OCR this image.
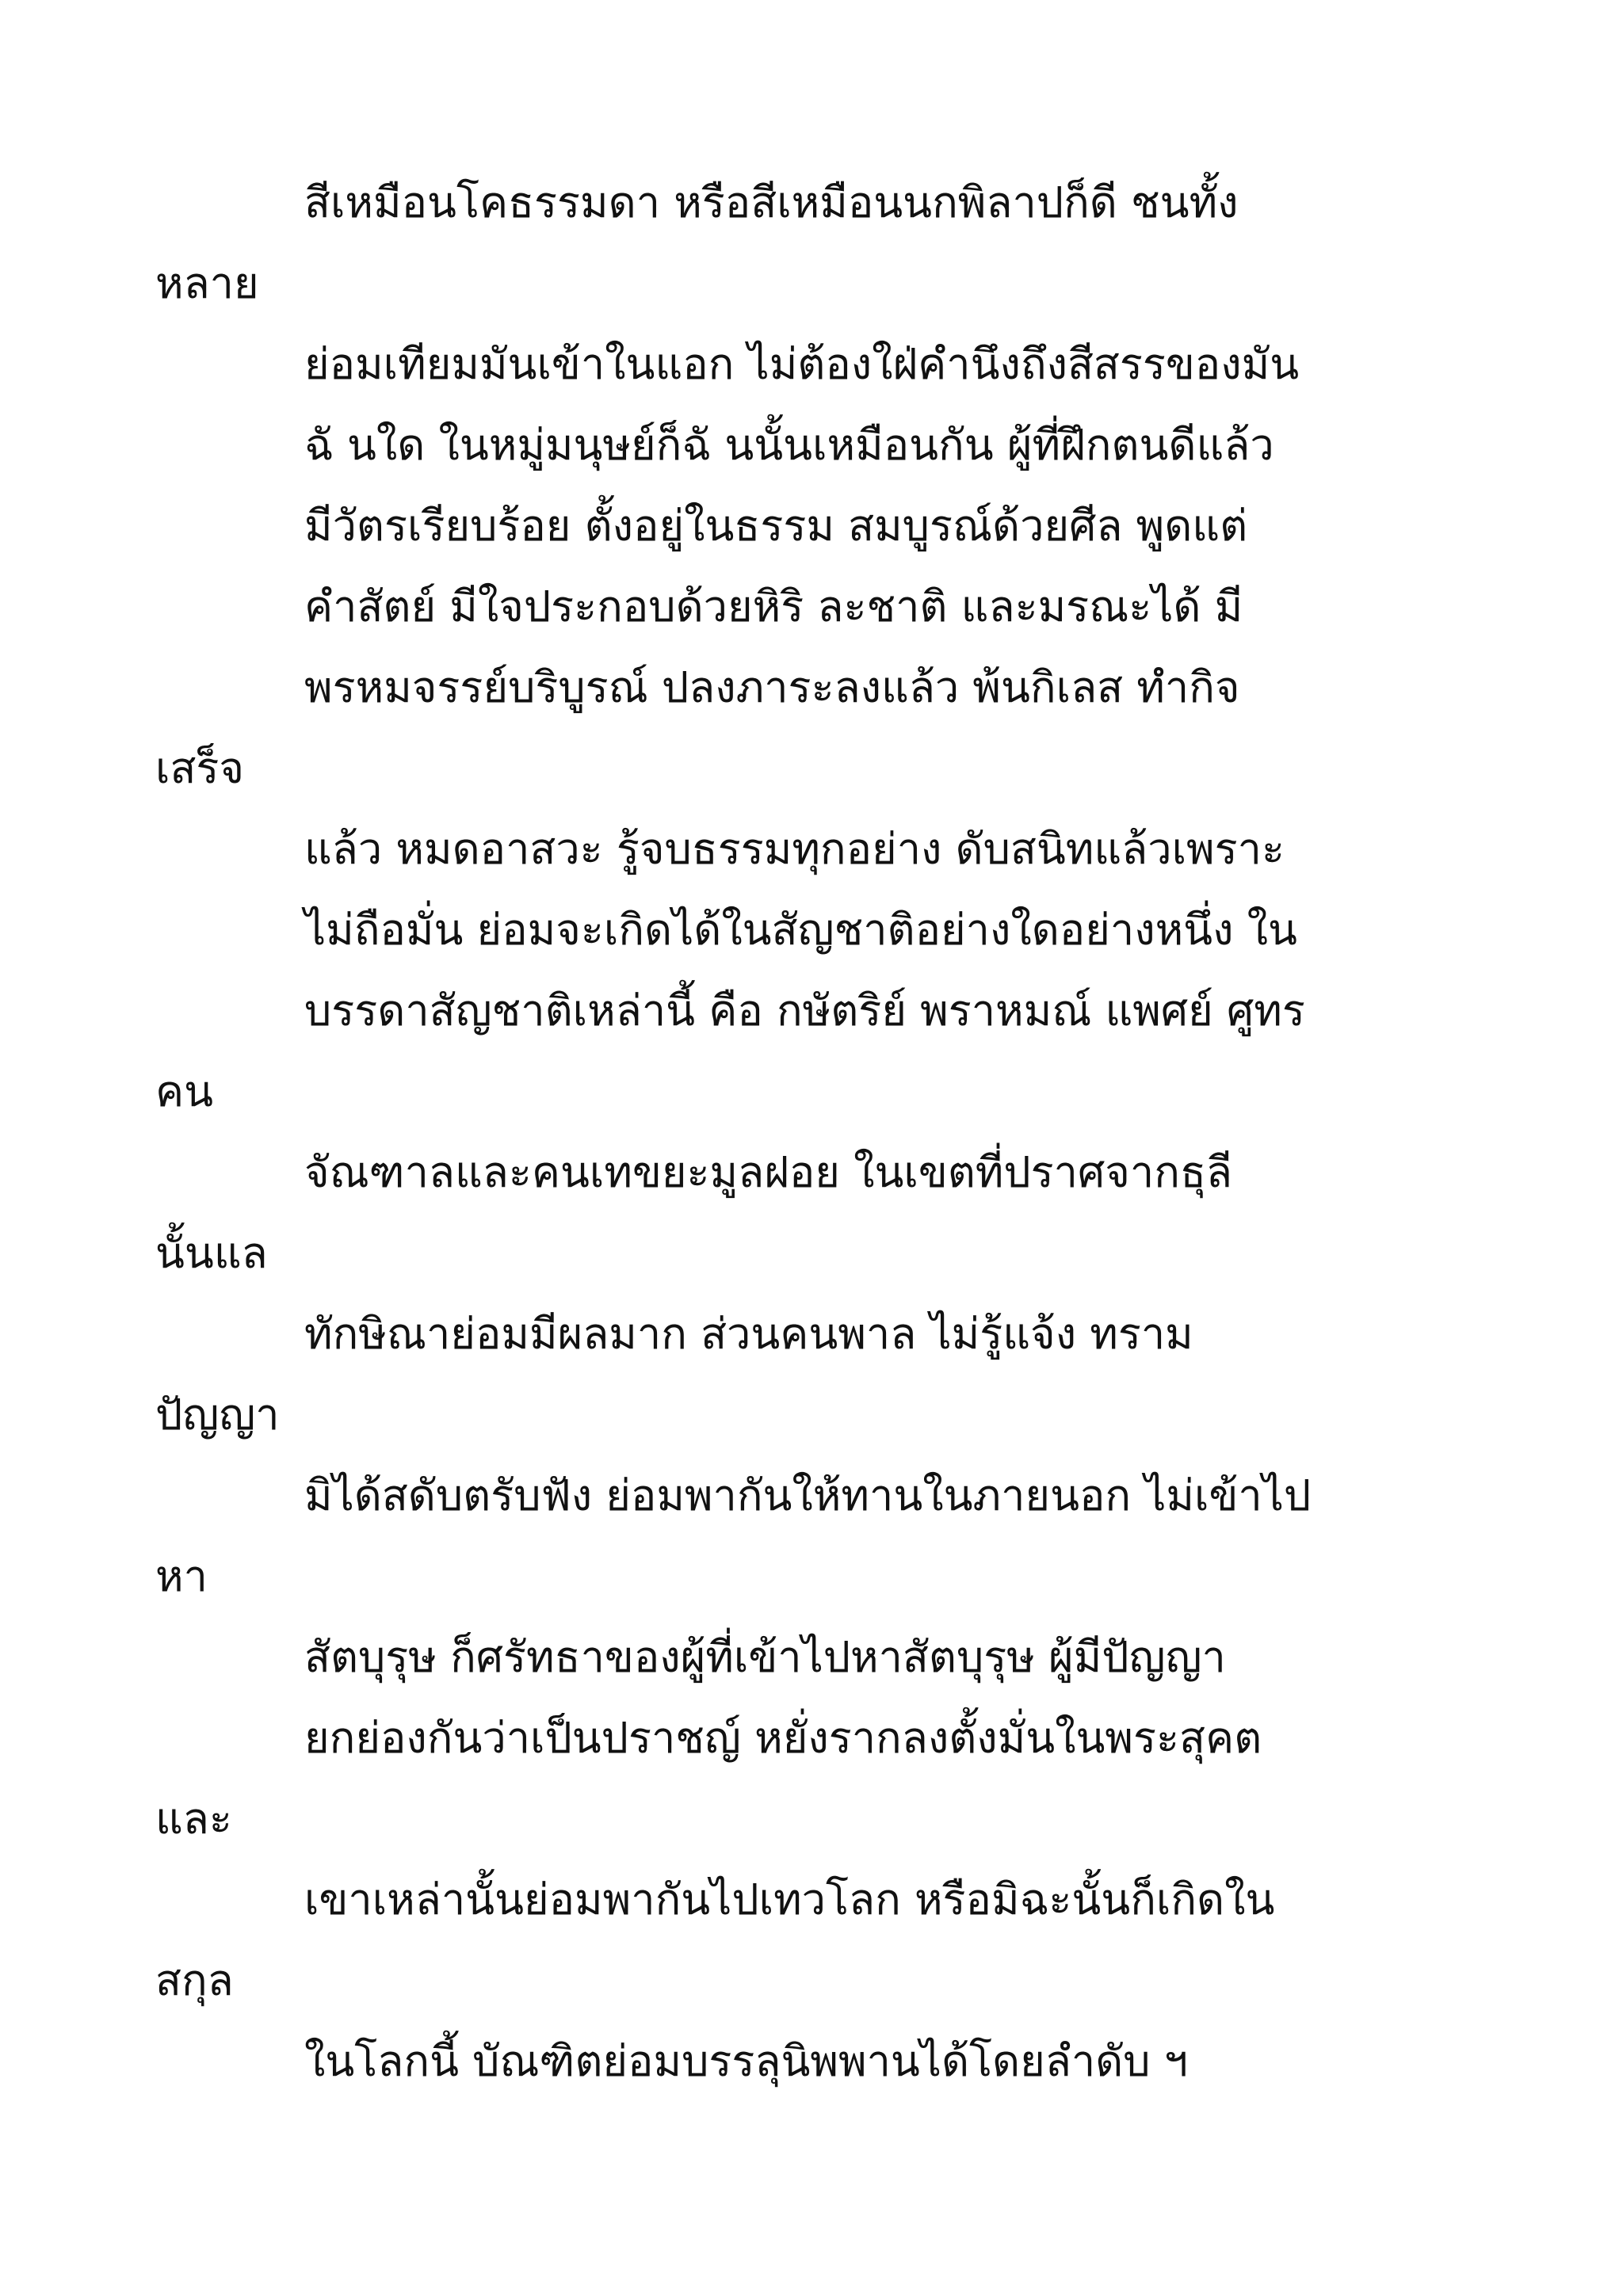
สีเหมือนโคธรรมดา หรือสีเหมือนนกพิลาปก็ดี ชนทั้ง
หลาย
ย่อมเทียมมันเข้าในแอก ไม่ต้องใฝ่คำนึงถึงสีสรรของมัน
ฉั นใด ในหมู่มนุษย์ก็ฉั นนั้นเหมือนกัน ผู้ที่ฝึกตนดีแล้ว
มีวัตรเรียบร้อย ตั้งอยู่ในธรรม สมบูรณ์ด้วยศีล พูดแต่
คำสัตย์ มีใจประกอบด้วยหิริ ละชาติ และมรณะได้ มี
พรหมจรรย์บริบูรณ์ ปลงภาระลงแล้ว พ้นกิเลส ทำกิจ
เสร็จ
แล้ว หมดอาสวะ รู้จบธรรมทุกอย่าง ดับสนิทแล้วเพราะ
ไม่ถือมั่น ย่อมจะเกิดได้ในสัญชาติอย่างใดอย่างหนึ่ง ใน
บรรดาสัญชาติเหล่านี้ คือ กษัตริย์ พราหมณ์ แพศย์ ศูทร
คน
จัณฑาลและคนเทขยะมูลฝอย ในเขตที่ปราศจากธุลี
นั้นแล
ทักษิณาย่อมมีผลมาก ส่วนคนพาล ไม่รู้แจ้ง ทราม
ปัญญา
มิได้สดับตรับฟัง ย่อมพากันให้ทานในภายนอก ไม่เข้าไป
หา
สัตบุรุษ ก็ศรัทธาของผู้ที่เข้าไปหาสัตบุรุษ ผู้มีปัญญา
ยกย่องกันว่าเป็นปราชญ์ หยั่งรากลงตั้งมั่นในพระสุคต
และ
เขาเหล่านั้นย่อมพากันไปเทวโลก หรือมิฉะนั้นก็เกิดใน
สกุล
ในโลกนี้ บัณฑิตย่อมบรรลุนิพพานได้โดยลำดับ ฯ
